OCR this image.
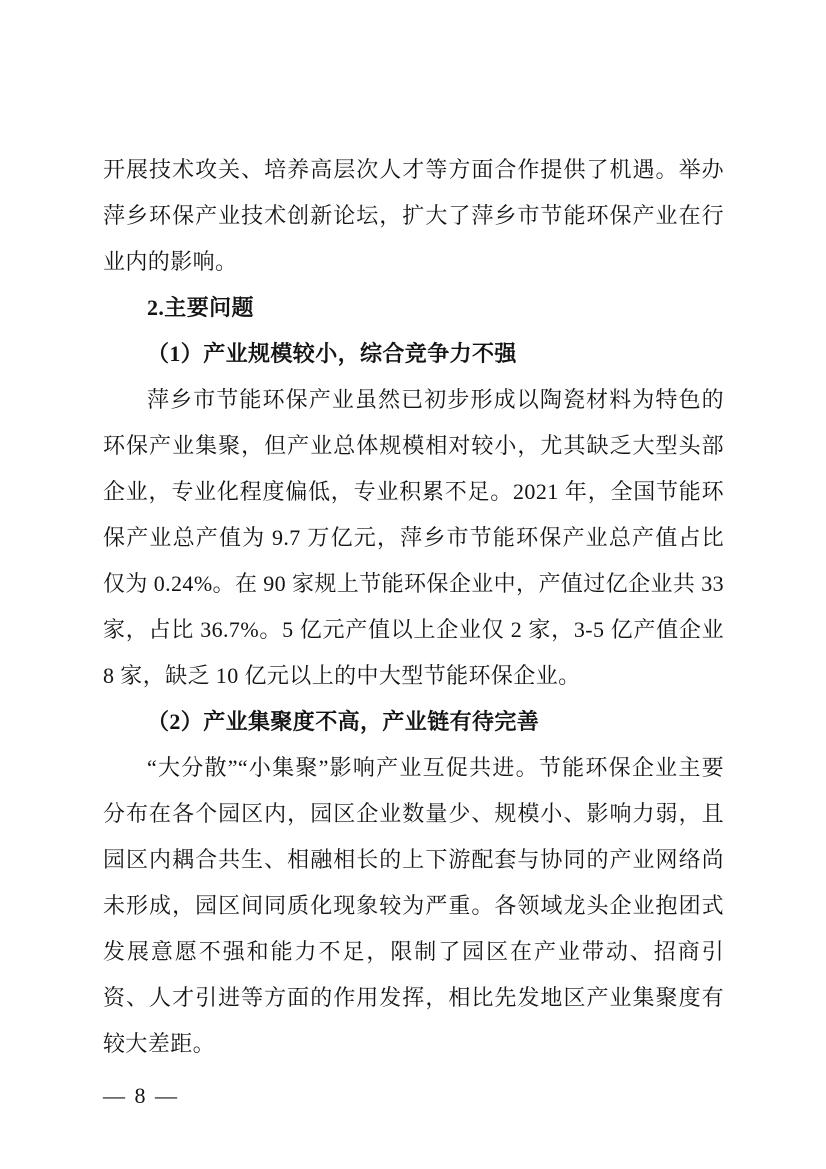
开展技术攻关、培养高层次人才等方面合作提供了机遇。举办萍乡环保产业技术创新论坛，扩大了萍乡市节能环保产业在行业内的影响。

2.主要问题

（1）产业规模较小，综合竞争力不强

萍乡市节能环保产业虽然已初步形成以陶瓷材料为特色的环保产业集聚，但产业总体规模相对较小，尤其缺乏大型头部企业，专业化程度偏低，专业积累不足。2021 年，全国节能环保产业总产值为 9.7 万亿元，萍乡市节能环保产业总产值占比仅为 0.24%。在 90 家规上节能环保企业中，产值过亿企业共 33 家，占比 36.7%。5 亿元产值以上企业仅 2 家，3-5 亿产值企业 8 家，缺乏 10 亿元以上的中大型节能环保企业。

（2）产业集聚度不高，产业链有待完善

“大分散”“小集聚”影响产业互促共进。节能环保企业主要分布在各个园区内，园区企业数量少、规模小、影响力弱，且园区内耦合共生、相融相长的上下游配套与协同的产业网络尚未形成，园区间同质化现象较为严重。各领域龙头企业抱团式发展意愿不强和能力不足，限制了园区在产业带动、招商引资、人才引进等方面的作用发挥，相比先发地区产业集聚度有较大差距。

— 8 —
